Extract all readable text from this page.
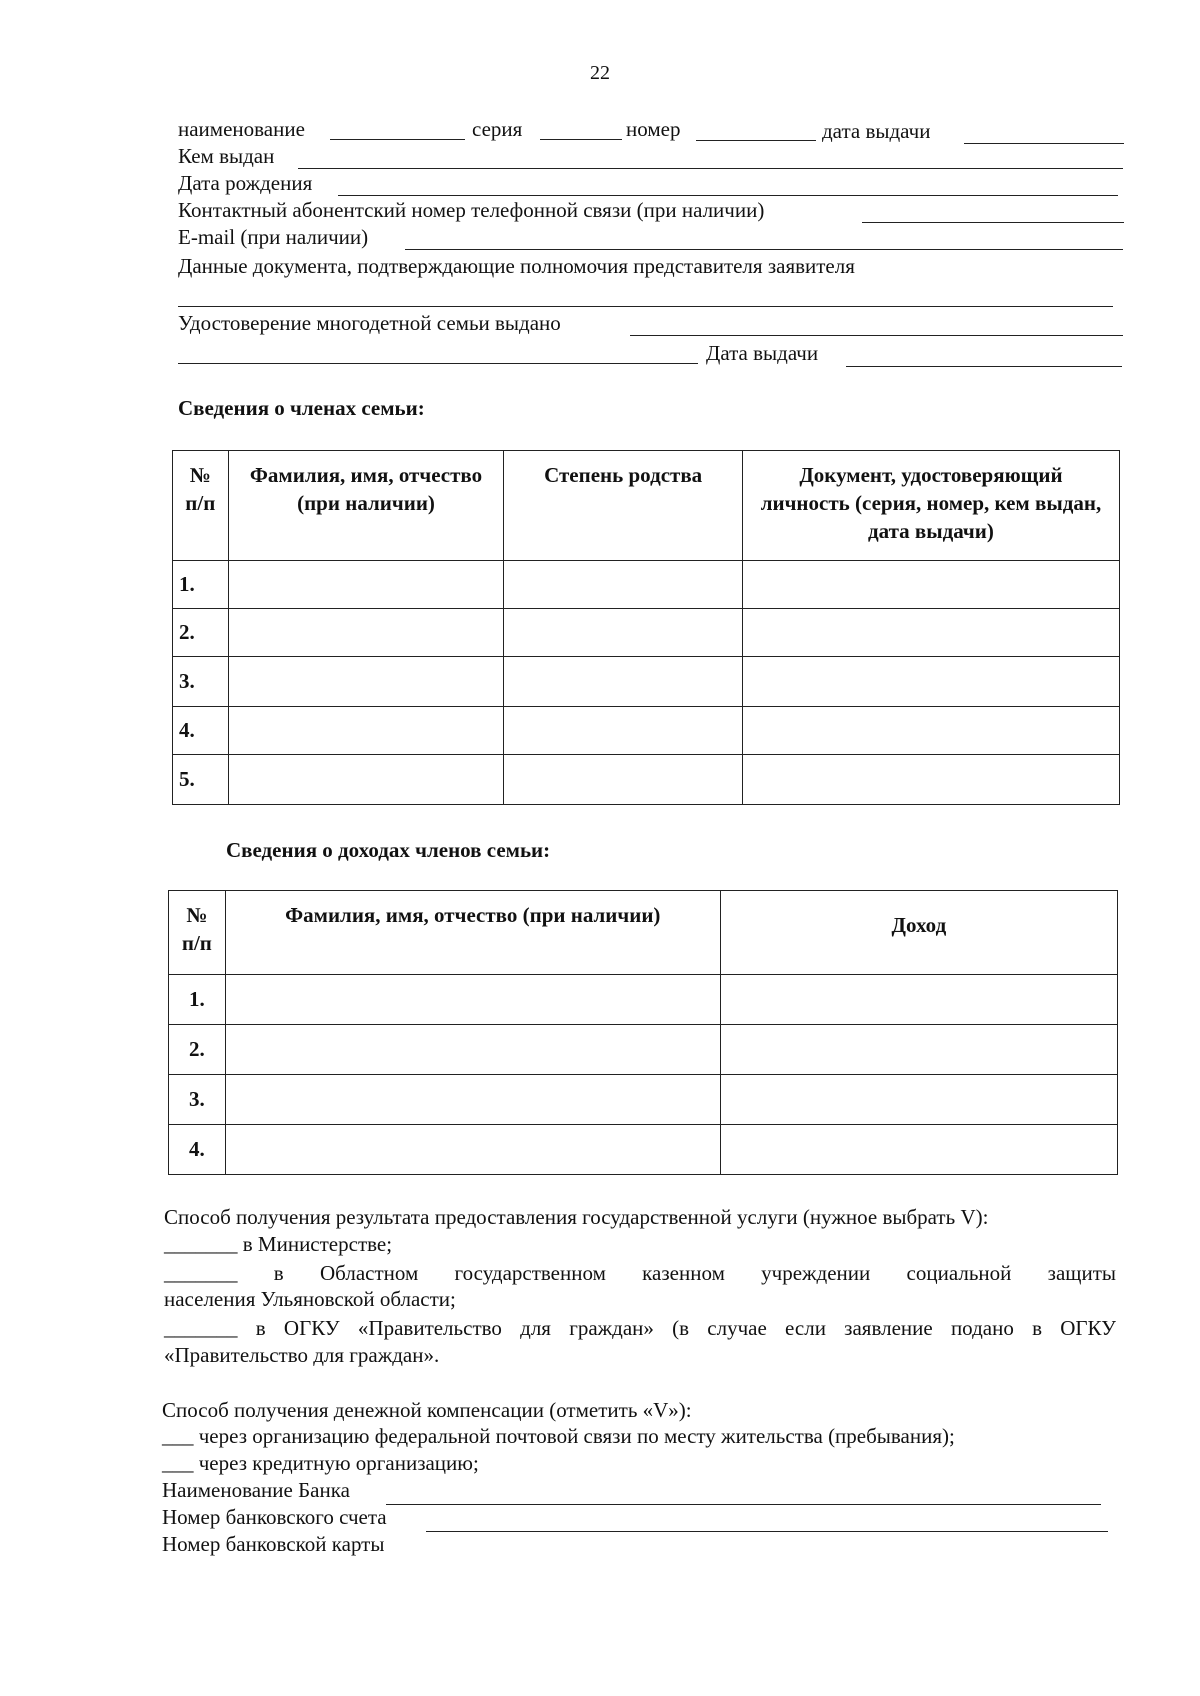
22
наименование	серия	номер	дата выдачи
Кем выдан
Дата рождения
Контактный абонентский номер телефонной связи (при наличии)
E-mail (при наличии)
Данные документа, подтверждающие полномочия представителя заявителя
Удостоверение многодетной семьи выдано
Дата выдачи
Сведения о членах семьи:
№
п/п	Фамилия, имя, отчество (при наличии)	Степень родства	Документ, удостоверяющий личность (серия, номер, кем выдан, дата выдачи)
1.			
2.			
3.			
4.			
5.			
Сведения о доходах членов семьи:
№
п/п	Фамилия, имя, отчество (при наличии)	Доход
1.		
2.		
3.		
4.		
Способ получения результата предоставления государственной услуги (нужное выбрать V):
_______ в Министерстве;
_______ в Областном государственном казенном учреждении социальной защиты
населения Ульяновской области;
_______ в ОГКУ «Правительство для граждан» (в случае если заявление подано в ОГКУ
«Правительство для граждан».
Способ получения денежной компенсации (отметить «V»):
___ через организацию федеральной почтовой связи по месту жительства (пребывания);
___ через кредитную организацию;
Наименование Банка
Номер банковского счета
Номер банковской карты
